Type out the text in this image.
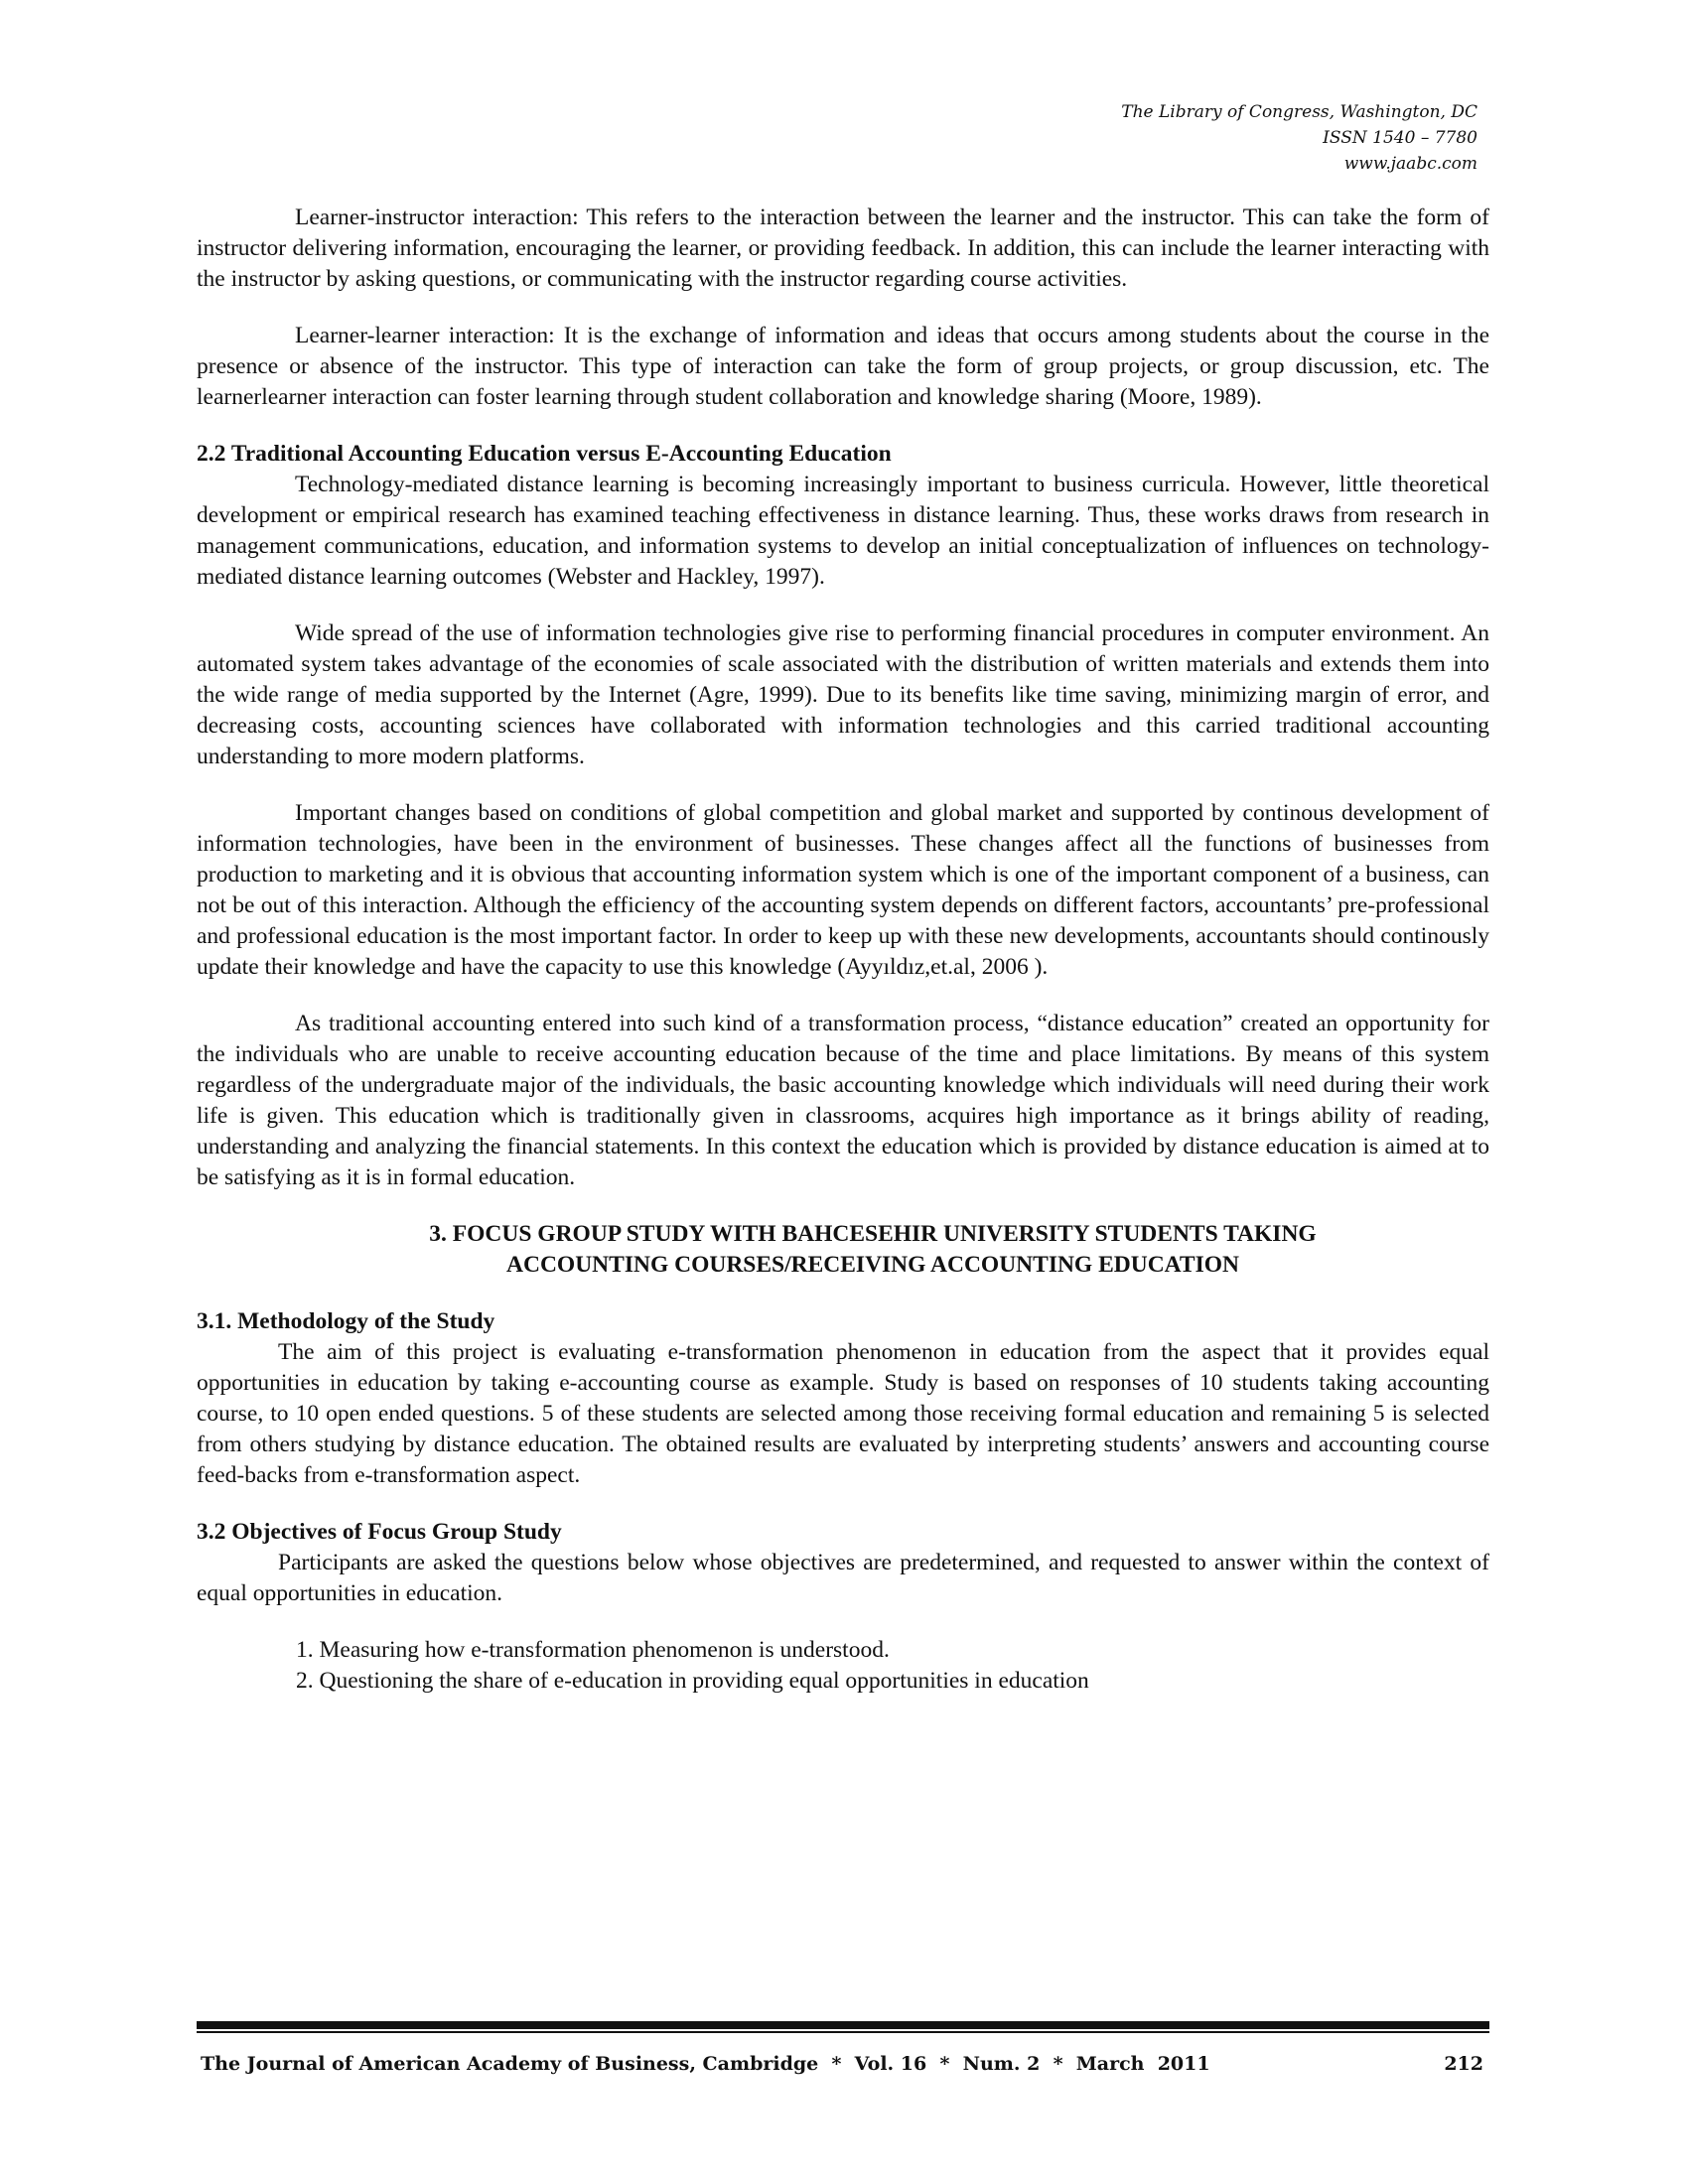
The Library of Congress, Washington, DC
ISSN 1540 – 7780
www.jaabc.com

Learner-instructor interaction: This refers to the interaction between the learner and the instructor. This can take the form of instructor delivering information, encouraging the learner, or providing feedback. In addition, this can include the learner interacting with the instructor by asking questions, or communicating with the instructor regarding course activities.

Learner-learner interaction: It is the exchange of information and ideas that occurs among students about the course in the presence or absence of the instructor. This type of interaction can take the form of group projects, or group discussion, etc. The learnerlearner interaction can foster learning through student collaboration and knowledge sharing (Moore, 1989).

2.2 Traditional Accounting Education versus E-Accounting Education

Technology-mediated distance learning is becoming increasingly important to business curricula. However, little theoretical development or empirical research has examined teaching effectiveness in distance learning. Thus, these works draws from research in management communications, education, and information systems to develop an initial conceptualization of influences on technology-mediated distance learning outcomes (Webster and Hackley, 1997).

Wide spread of the use of information technologies give rise to performing financial procedures in computer environment. An automated system takes advantage of the economies of scale associated with the distribution of written materials and extends them into the wide range of media supported by the Internet (Agre, 1999). Due to its benefits like time saving, minimizing margin of error, and decreasing costs, accounting sciences have collaborated with information technologies and this carried traditional accounting understanding to more modern platforms.

Important changes based on conditions of global competition and global market and supported by continous development of information technologies, have been in the environment of businesses. These changes affect all the functions of businesses from production to marketing and it is obvious that accounting information system which is one of the important component of a business, can not be out of this interaction. Although the efficiency of the accounting system depends on different factors, accountants’ pre-professional and professional education is the most important factor. In order to keep up with these new developments, accountants should continously update their knowledge and have the capacity to use this knowledge (Ayyıldız,et.al, 2006 ).

As traditional accounting entered into such kind of a transformation process, “distance education” created an opportunity for the individuals who are unable to receive accounting education because of the time and place limitations. By means of this system regardless of the undergraduate major of the individuals, the basic accounting knowledge which individuals will need during their work life is given. This education which is traditionally given in classrooms, acquires high importance as it brings ability of reading, understanding and analyzing the financial statements. In this context the education which is provided by distance education is aimed at to be satisfying as it is in formal education.

3. FOCUS GROUP STUDY WITH BAHCESEHIR UNIVERSITY STUDENTS TAKING

ACCOUNTING COURSES/RECEIVING ACCOUNTING EDUCATION

3.1. Methodology of the Study

The aim of this project is evaluating e-transformation phenomenon in education from the aspect that it provides equal opportunities in education by taking e-accounting course as example. Study is based on responses of 10 students taking accounting course, to 10 open ended questions. 5 of these students are selected among those receiving formal education and remaining 5 is selected from others studying by distance education. The obtained results are evaluated by interpreting students’ answers and accounting course feed-backs from e-transformation aspect.

3.2 Objectives of Focus Group Study

Participants are asked the questions below whose objectives are predetermined, and requested to answer within the context of equal opportunities in education.

1. Measuring how e-transformation phenomenon is understood.

2. Questioning the share of e-education in providing equal opportunities in education

The Journal of American Academy of Business, Cambridge  *  Vol. 16  *  Num. 2  *  March  2011	212
